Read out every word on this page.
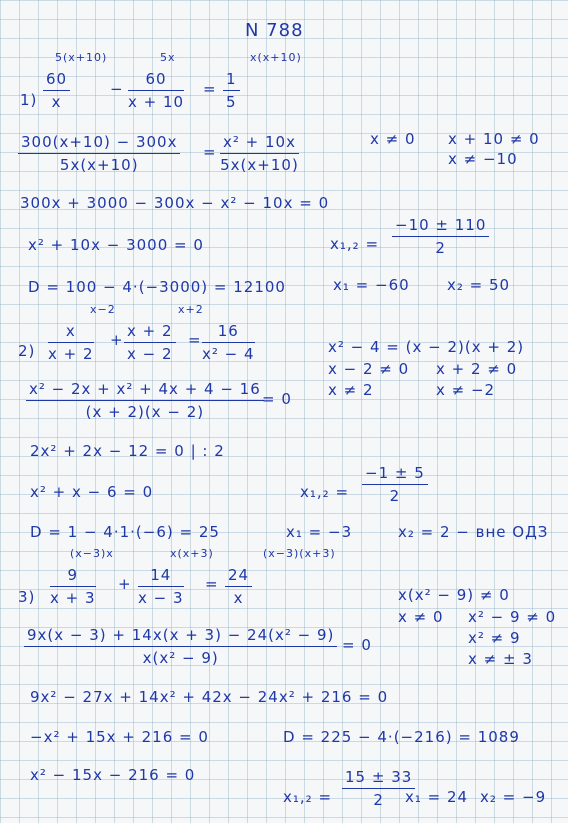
N 788
5(x+10)	5x	x(x+10)
$1) \frac{60}{x}$	− $\frac{60}{x + 10} = \frac{1}{5}$
$\frac{300(x+10) - 300x}{5x(x+10)} = \frac{\text{x² + 10x}}{5x(x+10)}$	x ≠ 0 x + 10 ≠ 0
x ≠ −10
300x + 3000 − 300x − x² − 10x = 0
x² + 10x − 3000 = 0	$x_1,_2 = \frac{-10 \pm 110}{2}$
D = 100 − 4·(−3000) = 12100	x₁ = −60 x₂ = 50
x−2	x+2
$2) \frac{x}{x + 2} + \frac{x + 2}{x - 2} = \frac{16}{\text{x² − 4}}$	x² − 4 = (x − 2)(x + 2)
x − 2 ≠ 0 x + 2 ≠ 0
x ≠ 2	x ≠ −2
$\frac{\text{x² − 2x + x² + 4x + 4 − 16}}{(x + 2)(x - 2)}$
= 0
2x² + 2x − 12 = 0 | : 2
x² + x − 6 = 0	$x_1,_2 = \frac{-1 \pm 5}{2}$
D = 1 − 4·1·(−6) = 25	x₁ = −3	x₂ = 2 − вне ОДЗ
(x−3)x	x(x+3)	(x−3)(x+3)
$3) \frac{9}{x + 3} + \frac{14}{x - 3} = \frac{24}{x}$	x(x² − 9) ≠ 0
x ≠ 0 x² − 9 ≠ 0
x² ≠ 9
x ≠ ± 3
$\frac{\text{9x(x − 3) + 14x(x + 3) − 24(x² − 9)}}{\text{x(x² − 9)}} = 0$
9x² − 27x + 14x² + 42x − 24x² + 216 = 0
−x² + 15x + 216 = 0	D = 225 − 4·(−216) = 1089
x² − 15x − 216 = 0
$x_1,_2 = \frac{15 \pm 33}{2}$
x₁ = 24 x₂ = −9
